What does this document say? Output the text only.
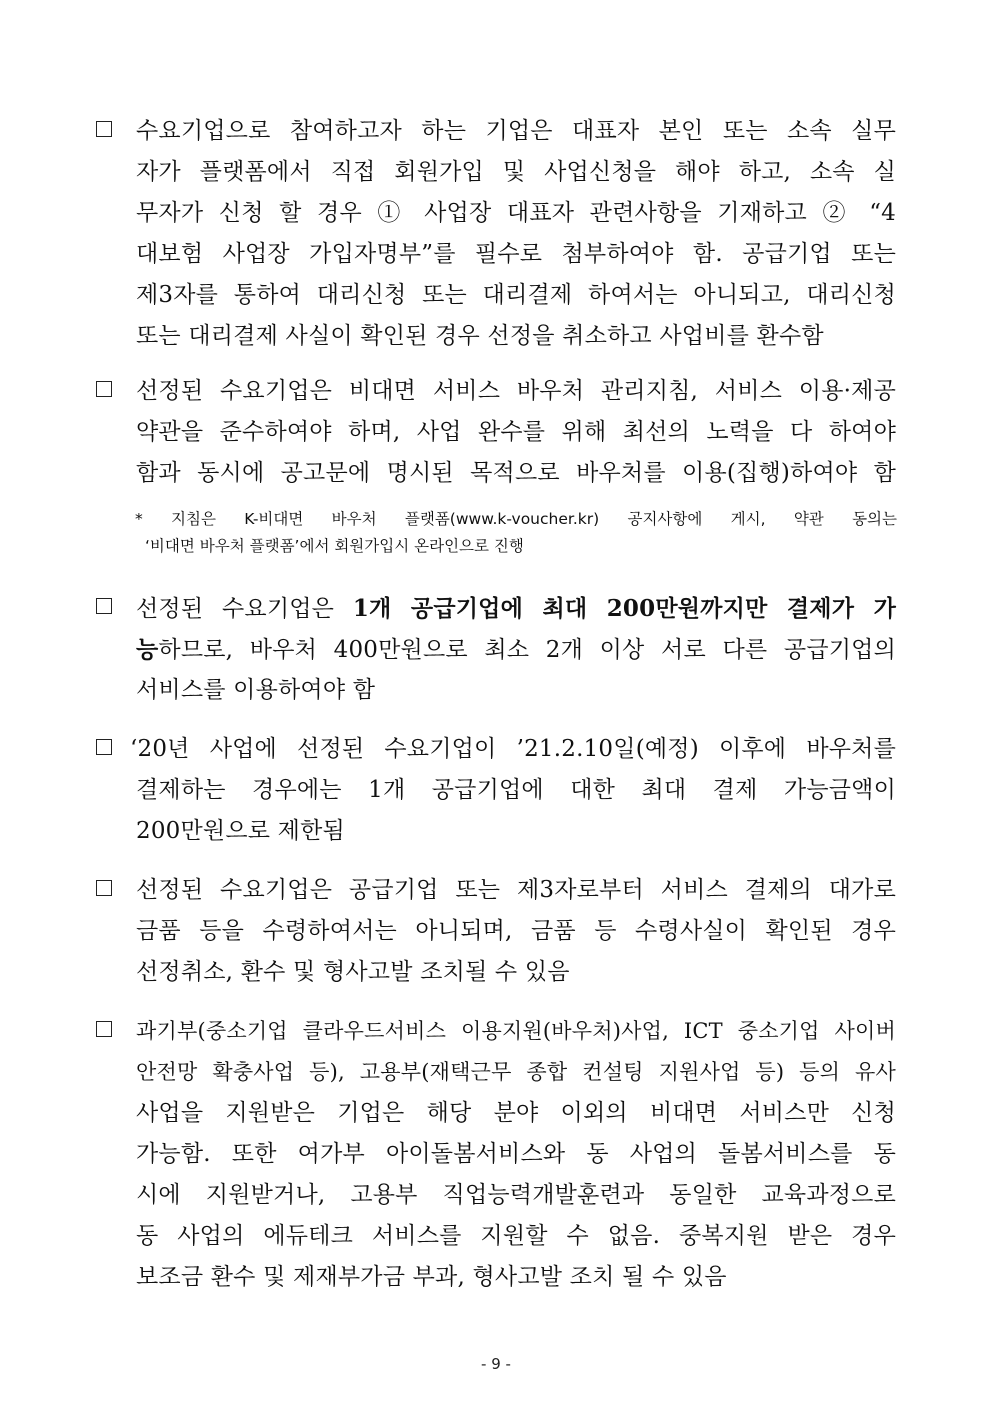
수요기업으로 참여하고자 하는 기업은 대표자 본인 또는 소속 실무
자가 플랫폼에서 직접 회원가입 및 사업신청을 해야 하고, 소속 실
무자가 신청 할 경우 ① 사업장 대표자 관련사항을 기재하고 ② “4
대보험 사업장 가입자명부”를 필수로 첨부하여야 함. 공급기업 또는
제3자를 통하여 대리신청 또는 대리결제 하여서는 아니되고, 대리신청
또는 대리결제 사실이 확인된 경우 선정을 취소하고 사업비를 환수함
선정된 수요기업은 비대면 서비스 바우처 관리지침, 서비스 이용·제공
약관을 준수하여야 하며, 사업 완수를 위해 최선의 노력을 다 하여야
함과 동시에 공고문에 명시된 목적으로 바우처를 이용(집행)하여야 함
* 지침은 K-비대면 바우처 플랫폼(www.k-voucher.kr) 공지사항에 게시, 약관 동의는
‘비대면 바우처 플랫폼’에서 회원가입시 온라인으로 진행
선정된 수요기업은 1개 공급기업에 최대 200만원까지만 결제가 가
능하므로, 바우처 400만원으로 최소 2개 이상 서로 다른 공급기업의
서비스를 이용하여야 함
‘20년 사업에 선정된 수요기업이 ’21.2.10일(예정) 이후에 바우처를
결제하는 경우에는 1개 공급기업에 대한 최대 결제 가능금액이
200만원으로 제한됨
선정된 수요기업은 공급기업 또는 제3자로부터 서비스 결제의 대가로
금품 등을 수령하여서는 아니되며, 금품 등 수령사실이 확인된 경우
선정취소, 환수 및 형사고발 조치될 수 있음
과기부(중소기업 클라우드서비스 이용지원(바우처)사업, ICT 중소기업 사이버
안전망 확충사업 등), 고용부(재택근무 종합 컨설팅 지원사업 등) 등의 유사
사업을 지원받은 기업은 해당 분야 이외의 비대면 서비스만 신청
가능함. 또한 여가부 아이돌봄서비스와 동 사업의 돌봄서비스를 동
시에 지원받거나, 고용부 직업능력개발훈련과 동일한 교육과정으로
동 사업의 에듀테크 서비스를 지원할 수 없음. 중복지원 받은 경우
보조금 환수 및 제재부가금 부과, 형사고발 조치 될 수 있음
- 9 -
